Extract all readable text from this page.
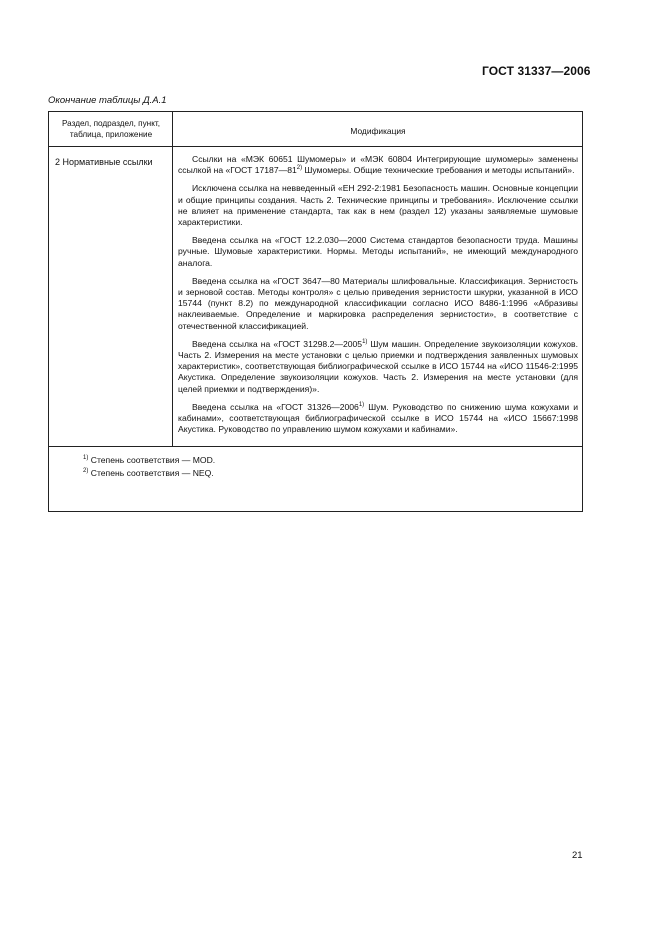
ГОСТ 31337—2006
Окончание таблицы Д.А.1
Раздел, подраздел, пункт,
таблица, приложение	Модификация
2 Нормативные ссылки	Ссылки на «МЭК 60651 Шумомеры» и «МЭК 60804 Интегрирующие шумомеры» заменены ссылкой на «ГОСТ 17187—81$^{2)}$ Шумомеры. Общие технические требования и методы испытаний».

Исключена ссылка на невведенный «ЕН 292-2:1981 Безопасность машин. Основные концепции и общие принципы создания. Часть 2. Технические принципы и требования». Исключение ссылки не влияет на применение стандарта, так как в нем (раздел 12) указаны заявляемые шумовые характеристики.

Введена ссылка на «ГОСТ 12.2.030—2000 Система стандартов безопасности труда. Машины ручные. Шумовые характеристики. Нормы. Методы испытаний», не имеющий международного аналога.

Введена ссылка на «ГОСТ 3647—80 Материалы шлифовальные. Классификация. Зернистость и зерновой состав. Методы контроля» с целью приведения зернистости шкурки, указанной в ИСО 15744 (пункт 8.2) по международной классификации согласно ИСО 8486-1:1996 «Абразивы наклеиваемые. Определение и маркировка распределения зернистости», в соответствие с отечественной классификацией.

Введена ссылка на «ГОСТ 31298.2—2005$^{1)}$ Шум машин. Определение звукоизоляции кожухов. Часть 2. Измерения на месте установки с целью приемки и подтверждения заявленных шумовых характеристик», соответствующая библиографической ссылке в ИСО 15744 на «ИСО 11546-2:1995 Акустика. Определение звукоизоляции кожухов. Часть 2. Измерения на месте установки (для целей приемки и подтверждения)».

Введена ссылка на «ГОСТ 31326—2006$^{1)}$ Шум. Руководство по снижению шума кожухами и кабинами», соответствующая библиографической ссылке в ИСО 15744 на «ИСО 15667:1998 Акустика. Руководство по управлению шумом кожухами и кабинами».

$^{1)}$ Степень соответствия — MOD.
$^{2)}$ Степень соответствия — NEQ.
21
